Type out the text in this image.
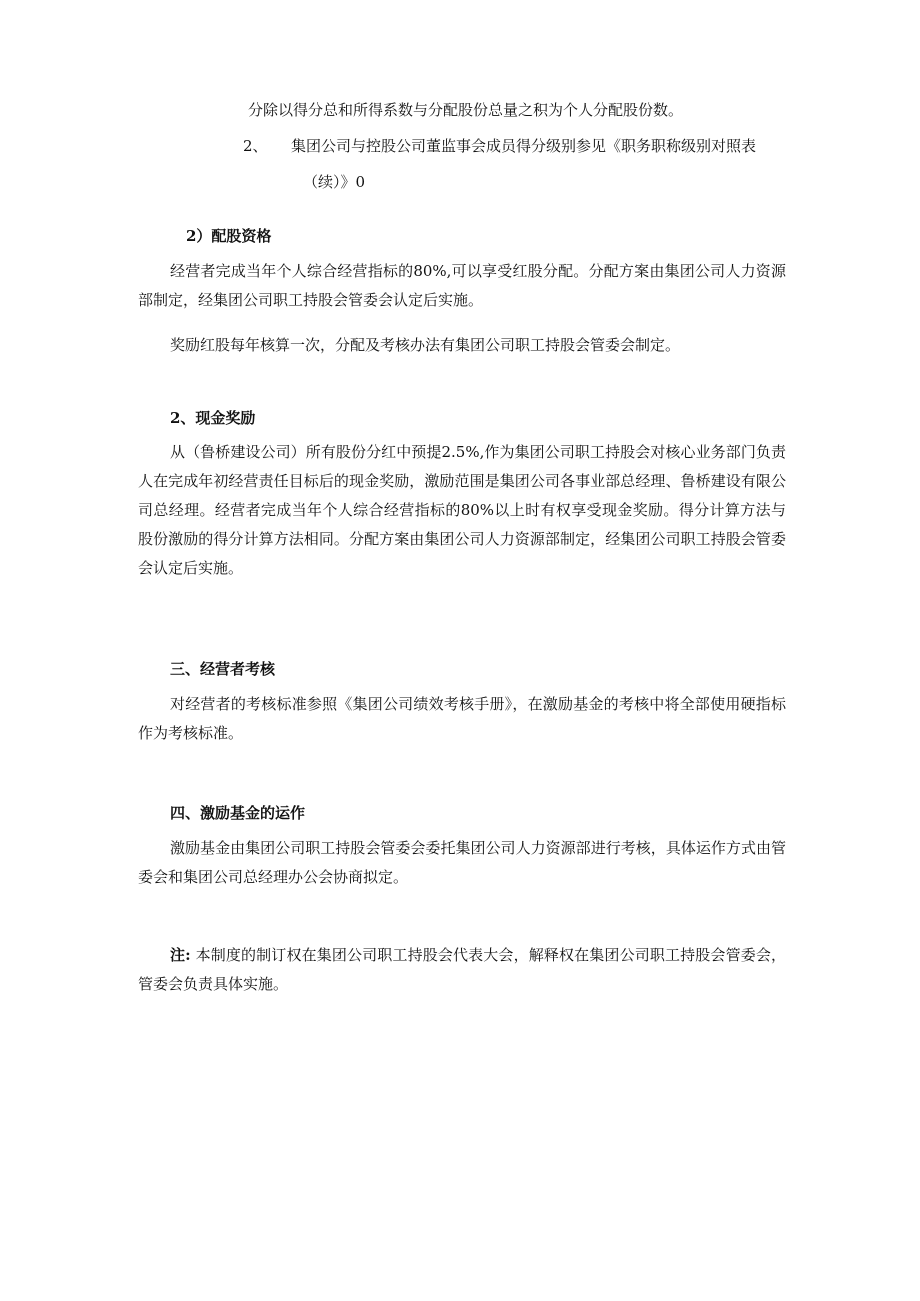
分除以得分总和所得系数与分配股份总量之积为个人分配股份数。
2、 集团公司与控股公司董监事会成员得分级别参见《职务职称级别对照表
（续）》0
2）配股资格
经营者完成当年个人综合经营指标的80%,可以享受红股分配。分配方案由集团公司人力资源部制定，经集团公司职工持股会管委会认定后实施。
奖励红股每年核算一次，分配及考核办法有集团公司职工持股会管委会制定。
2、现金奖励
从（鲁桥建设公司）所有股份分红中预提2.5%,作为集团公司职工持股会对核心业务部门负责人在完成年初经营责任目标后的现金奖励，激励范围是集团公司各事业部总经理、鲁桥建设有限公司总经理。经营者完成当年个人综合经营指标的80%以上时有权享受现金奖励。得分计算方法与股份激励的得分计算方法相同。分配方案由集团公司人力资源部制定，经集团公司职工持股会管委会认定后实施。
三、经营者考核
对经营者的考核标准参照《集团公司绩效考核手册》，在激励基金的考核中将全部使用硬指标作为考核标准。
四、激励基金的运作
激励基金由集团公司职工持股会管委会委托集团公司人力资源部进行考核，具体运作方式由管委会和集团公司总经理办公会协商拟定。
注: 本制度的制订权在集团公司职工持股会代表大会，解释权在集团公司职工持股会管委会，管委会负责具体实施。
